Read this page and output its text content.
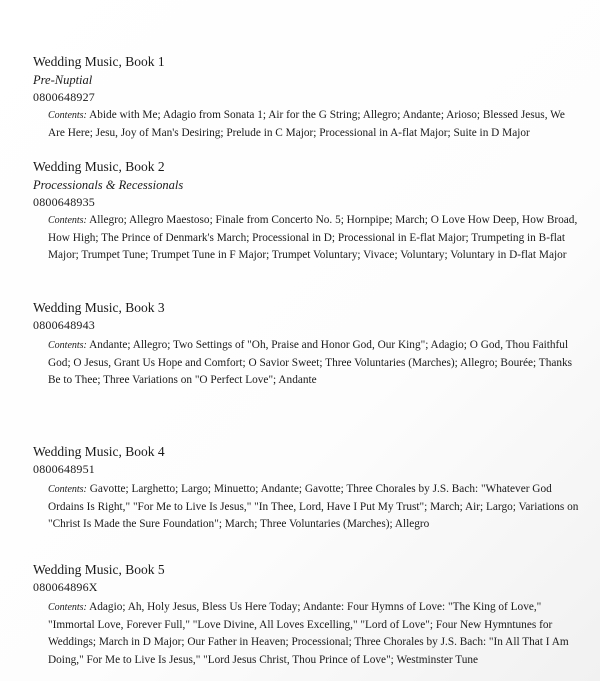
Wedding Music, Book 1
Pre-Nuptial
0800648927
Contents: Abide with Me; Adagio from Sonata 1; Air for the G String; Allegro; Andante; Arioso; Blessed Jesus, We Are Here; Jesu, Joy of Man's Desiring; Prelude in C Major; Processional in A-flat Major; Suite in D Major
Wedding Music, Book 2
Processionals & Recessionals
0800648935
Contents: Allegro; Allegro Maestoso; Finale from Concerto No. 5; Hornpipe; March; O Love How Deep, How Broad, How High; The Prince of Denmark's March; Processional in D; Processional in E-flat Major; Trumpeting in B-flat Major; Trumpet Tune; Trumpet Tune in F Major; Trumpet Voluntary; Vivace; Voluntary; Voluntary in D-flat Major
Wedding Music, Book 3
0800648943
Contents: Andante; Allegro; Two Settings of "Oh, Praise and Honor God, Our King"; Adagio; O God, Thou Faithful God; O Jesus, Grant Us Hope and Comfort; O Savior Sweet; Three Voluntaries (Marches); Allegro; Bourée; Thanks Be to Thee; Three Variations on "O Perfect Love"; Andante
Wedding Music, Book 4
0800648951
Contents: Gavotte; Larghetto; Largo; Minuetto; Andante; Gavotte; Three Chorales by J.S. Bach: "Whatever God Ordains Is Right," "For Me to Live Is Jesus," "In Thee, Lord, Have I Put My Trust"; March; Air; Largo; Variations on "Christ Is Made the Sure Foundation"; March; Three Voluntaries (Marches); Allegro
Wedding Music, Book 5
080064896X
Contents: Adagio; Ah, Holy Jesus, Bless Us Here Today; Andante: Four Hymns of Love: "The King of Love," "Immortal Love, Forever Full," "Love Divine, All Loves Excelling," "Lord of Love"; Four New Hymntunes for Weddings; March in D Major; Our Father in Heaven; Processional; Three Chorales by J.S. Bach: "In All That I Am Doing," For Me to Live Is Jesus," "Lord Jesus Christ, Thou Prince of Love"; Westminster Tune
